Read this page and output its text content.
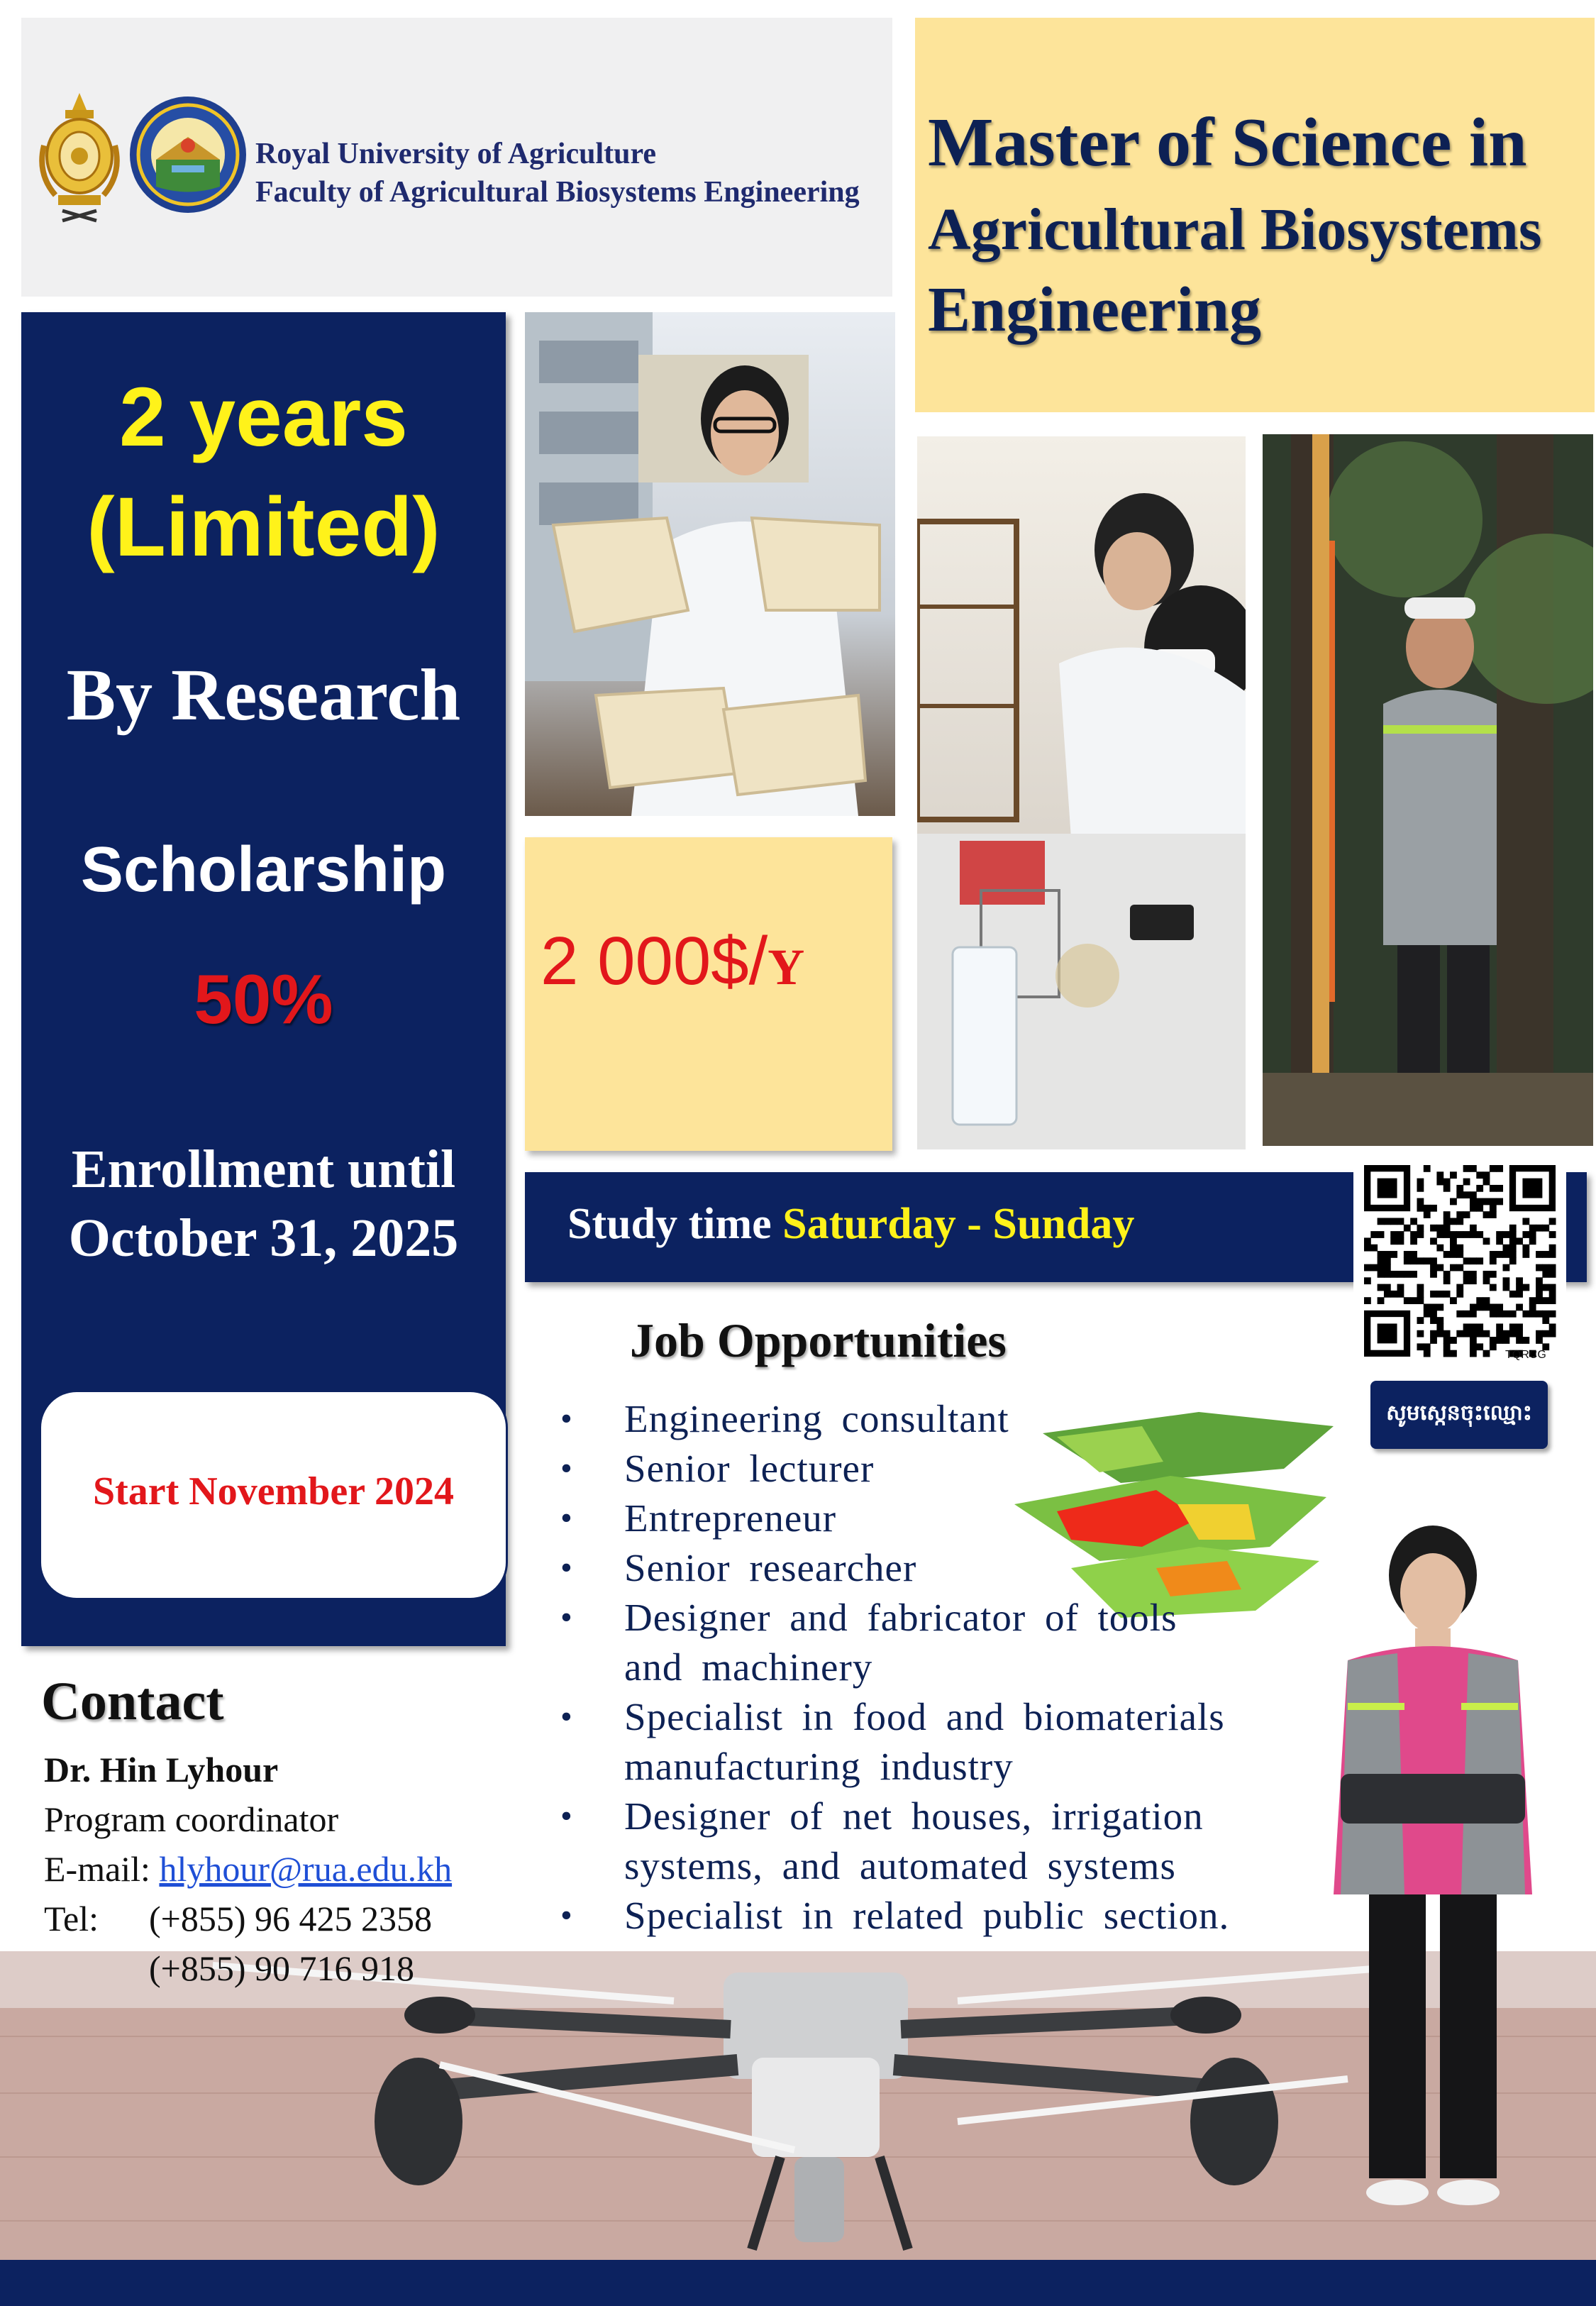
Royal University of Agriculture
Faculty of Agricultural Biosystems Engineering
Master of Science in
Agricultural Biosystems
Engineering
2 years
(Limited)
By Research
Scholarship
50%
Enrollment until
October 31, 2025
Start November 2024
2 000$/Y
Study time Saturday - Sunday
TQRCG
សូមស្កេនចុះឈ្មោះ
Job Opportunities
• Engineering consultant
• Senior lecturer
• Entrepreneur
• Senior researcher
• Designer and fabricator of tools and machinery
• Specialist in food and biomaterials manufacturing industry
• Designer of net houses, irrigation systems, and automated systems
• Specialist in related public section.
Contact
Dr. Hin Lyhour
Program coordinator
E-mail: hlyhour@rua.edu.kh
Tel: (+855) 96 425 2358
(+855) 90 716 918
